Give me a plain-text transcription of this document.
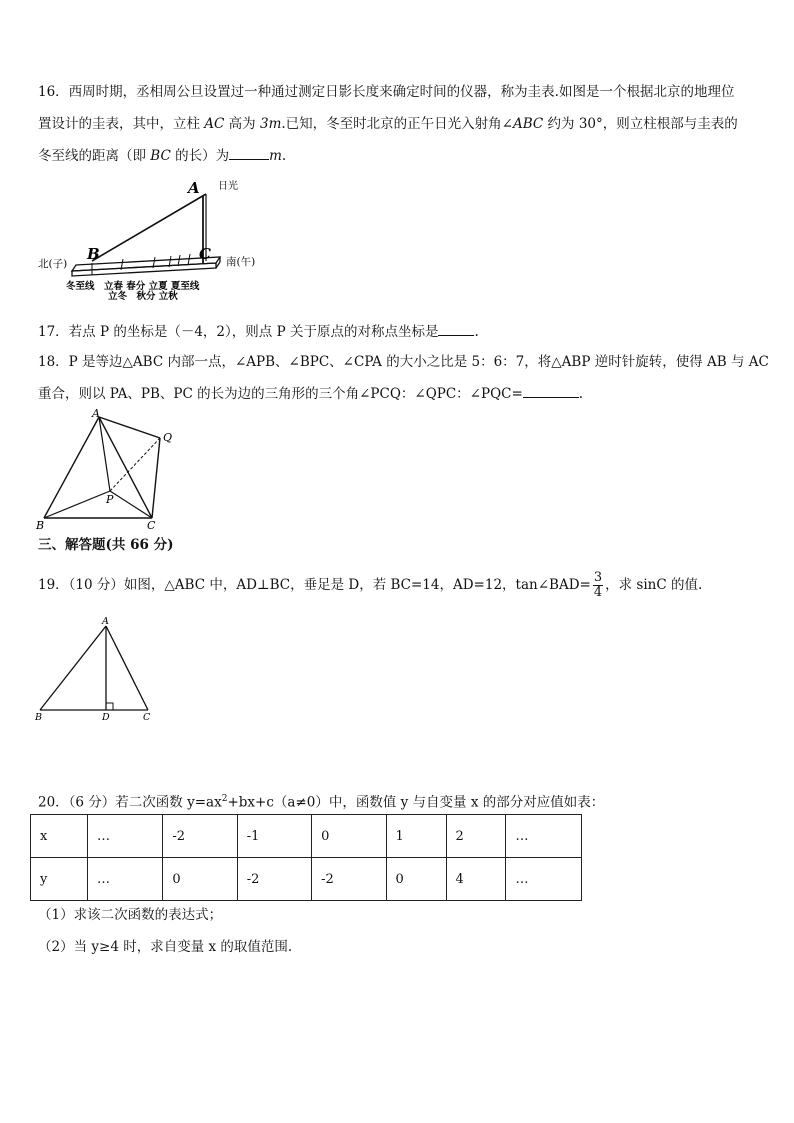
16．西周时期，丞相周公旦设置过一种通过测定日影长度来确定时间的仪器，称为圭表.如图是一个根据北京的地理位
置设计的圭表，其中，立柱 AC 高为 3m.已知，冬至时北京的正午日光入射角∠ABC 约为 30°，则立柱根部与圭表的
冬至线的距离（即 BC 的长）为	m.
A 日光
B	C
北(子)	南(午)
冬至线　立春 春分 立夏 夏至线
立冬　秋分 立秋
17．若点 P 的坐标是（－4，2），则点 P 关于原点的对称点坐标是	.
18．P 是等边△ABC 内部一点，∠APB、∠BPC、∠CPA 的大小之比是 5：6：7，将△ABP 逆时针旋转，使得 AB 与 AC
重合，则以 PA、PB、PC 的长为边的三角形的三个角∠PCQ：∠QPC：∠PQC=	.
A
Q
P
B	C
三、解答题(共 66 分)
19．（10 分）如图，△ABC 中，AD⊥BC，垂足是 D，若 BC=14，AD=12，tan∠BAD= $\frac{3}{4}$ ，求 sinC 的值.
A
B	D	C
20．（6 分）若二次函数 $y=ax^2+bx+c(a\ne 0)$中，函数值 y 与自变量 x 的部分对应值如表：
x	…	-2	-1	0	1	2	…
y	…	0	-2	-2	0	4	…
（1）求该二次函数的表达式；
（2）当 y≥4 时，求自变量 x 的取值范围.
